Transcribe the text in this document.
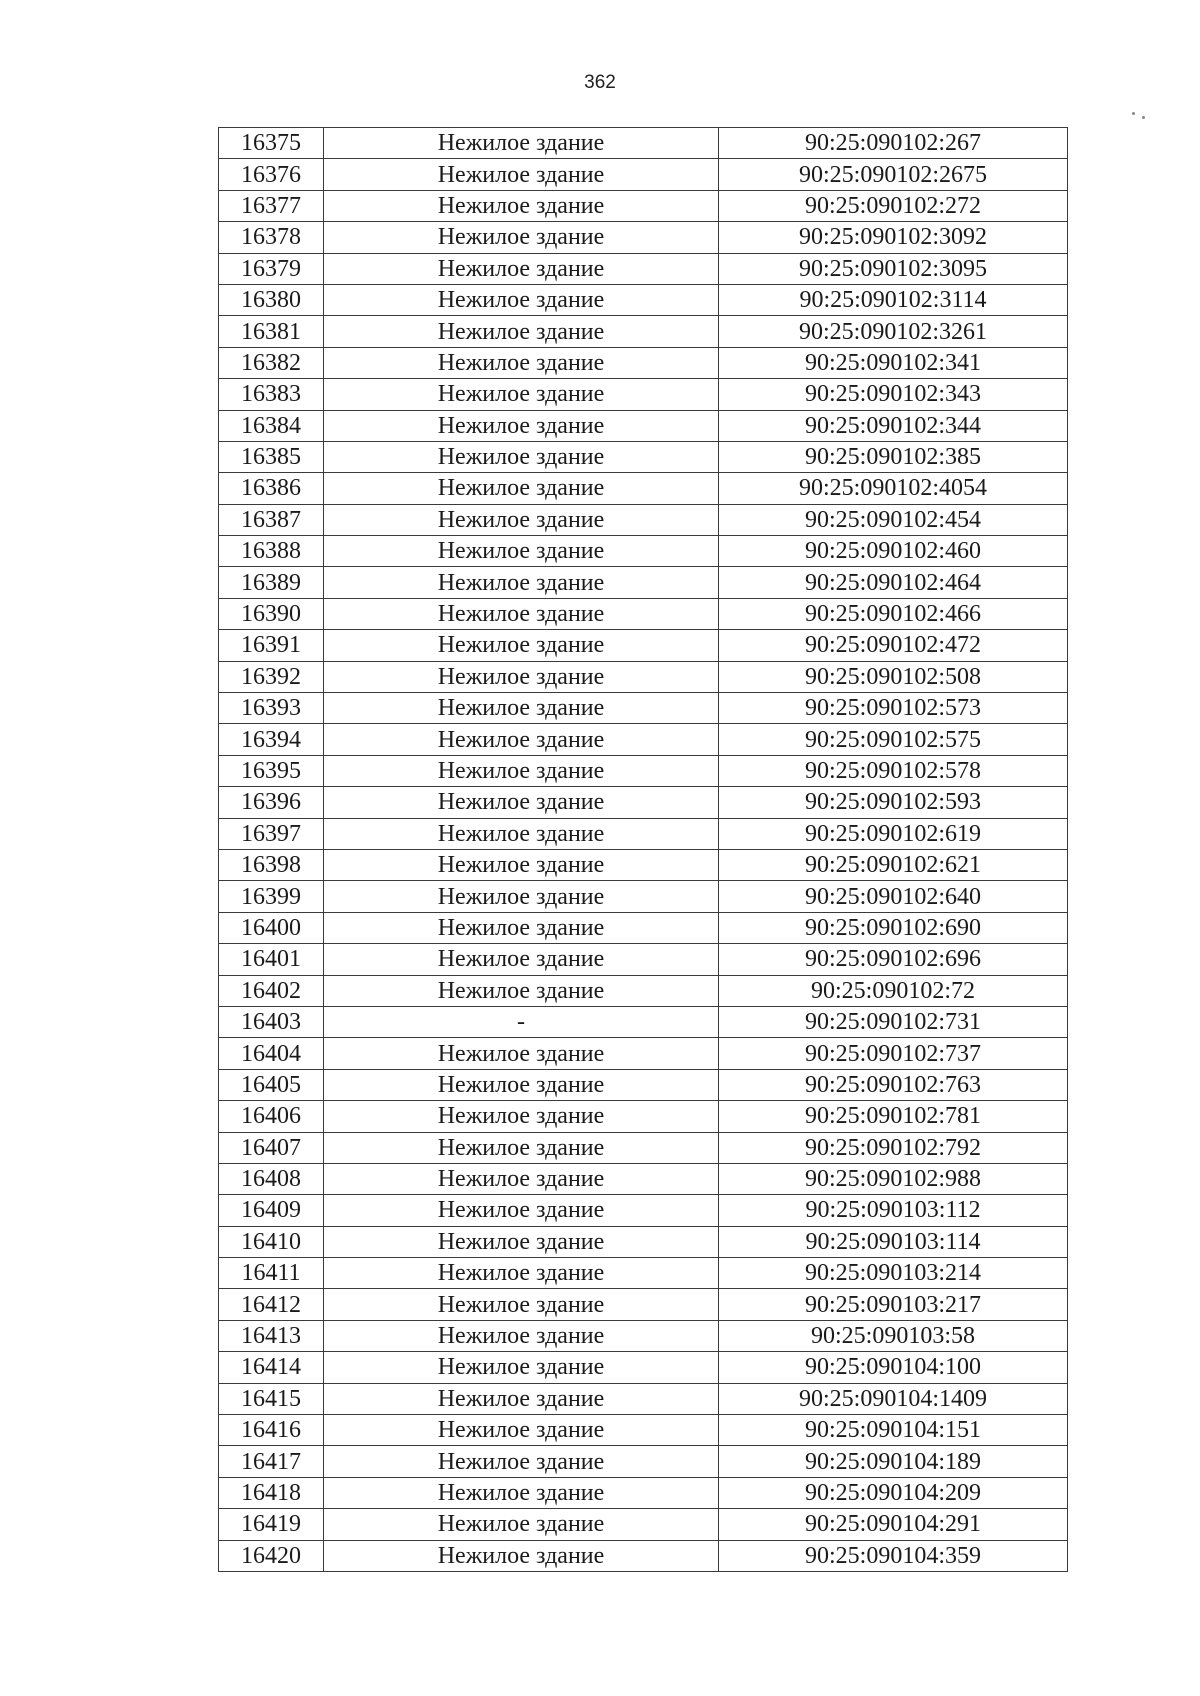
362
16375	Нежилое здание	90:25:090102:267
16376	Нежилое здание	90:25:090102:2675
16377	Нежилое здание	90:25:090102:272
16378	Нежилое здание	90:25:090102:3092
16379	Нежилое здание	90:25:090102:3095
16380	Нежилое здание	90:25:090102:3114
16381	Нежилое здание	90:25:090102:3261
16382	Нежилое здание	90:25:090102:341
16383	Нежилое здание	90:25:090102:343
16384	Нежилое здание	90:25:090102:344
16385	Нежилое здание	90:25:090102:385
16386	Нежилое здание	90:25:090102:4054
16387	Нежилое здание	90:25:090102:454
16388	Нежилое здание	90:25:090102:460
16389	Нежилое здание	90:25:090102:464
16390	Нежилое здание	90:25:090102:466
16391	Нежилое здание	90:25:090102:472
16392	Нежилое здание	90:25:090102:508
16393	Нежилое здание	90:25:090102:573
16394	Нежилое здание	90:25:090102:575
16395	Нежилое здание	90:25:090102:578
16396	Нежилое здание	90:25:090102:593
16397	Нежилое здание	90:25:090102:619
16398	Нежилое здание	90:25:090102:621
16399	Нежилое здание	90:25:090102:640
16400	Нежилое здание	90:25:090102:690
16401	Нежилое здание	90:25:090102:696
16402	Нежилое здание	90:25:090102:72
16403	-	90:25:090102:731
16404	Нежилое здание	90:25:090102:737
16405	Нежилое здание	90:25:090102:763
16406	Нежилое здание	90:25:090102:781
16407	Нежилое здание	90:25:090102:792
16408	Нежилое здание	90:25:090102:988
16409	Нежилое здание	90:25:090103:112
16410	Нежилое здание	90:25:090103:114
16411	Нежилое здание	90:25:090103:214
16412	Нежилое здание	90:25:090103:217
16413	Нежилое здание	90:25:090103:58
16414	Нежилое здание	90:25:090104:100
16415	Нежилое здание	90:25:090104:1409
16416	Нежилое здание	90:25:090104:151
16417	Нежилое здание	90:25:090104:189
16418	Нежилое здание	90:25:090104:209
16419	Нежилое здание	90:25:090104:291
16420	Нежилое здание	90:25:090104:359
